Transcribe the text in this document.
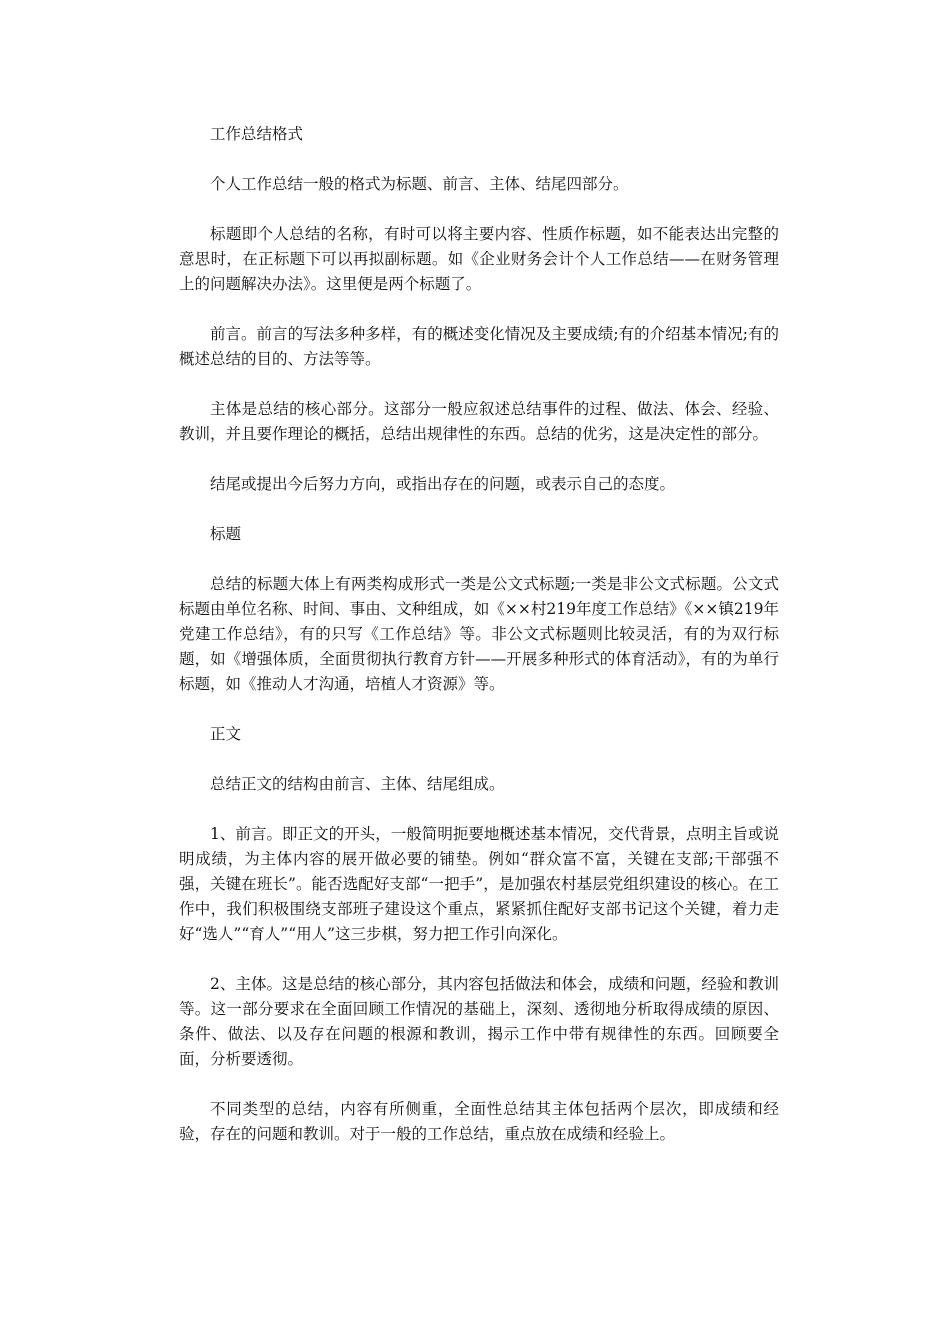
工作总结格式

个人工作总结一般的格式为标题、前言、主体、结尾四部分。

标题即个人总结的名称，有时可以将主要内容、性质作标题，如不能表达出完整的意思时，在正标题下可以再拟副标题。如《企业财务会计个人工作总结——在财务管理上的问题解决办法》。这里便是两个标题了。

前言。前言的写法多种多样，有的概述变化情况及主要成绩;有的介绍基本情况;有的概述总结的目的、方法等等。

主体是总结的核心部分。这部分一般应叙述总结事件的过程、做法、体会、经验、教训，并且要作理论的概括，总结出规律性的东西。总结的优劣，这是决定性的部分。

结尾或提出今后努力方向，或指出存在的问题，或表示自己的态度。

标题

总结的标题大体上有两类构成形式一类是公文式标题;一类是非公文式标题。公文式标题由单位名称、时间、事由、文种组成，如《××村219年度工作总结》《××镇219年党建工作总结》，有的只写《工作总结》等。非公文式标题则比较灵活，有的为双行标题，如《增强体质，全面贯彻执行教育方针——开展多种形式的体育活动》，有的为单行标题，如《推动人才沟通，培植人才资源》等。

正文

总结正文的结构由前言、主体、结尾组成。

1、前言。即正文的开头，一般简明扼要地概述基本情况，交代背景，点明主旨或说明成绩，为主体内容的展开做必要的铺垫。例如“群众富不富，关键在支部;干部强不强，关键在班长”。能否选配好支部“一把手”，是加强农村基层党组织建设的核心。在工作中，我们积极围绕支部班子建设这个重点，紧紧抓住配好支部书记这个关键，着力走好“选人”“育人”“用人”这三步棋，努力把工作引向深化。

2、主体。这是总结的核心部分，其内容包括做法和体会，成绩和问题，经验和教训等。这一部分要求在全面回顾工作情况的基础上，深刻、透彻地分析取得成绩的原因、条件、做法、以及存在问题的根源和教训，揭示工作中带有规律性的东西。回顾要全面，分析要透彻。

不同类型的总结，内容有所侧重，全面性总结其主体包括两个层次，即成绩和经验，存在的问题和教训。对于一般的工作总结，重点放在成绩和经验上。
